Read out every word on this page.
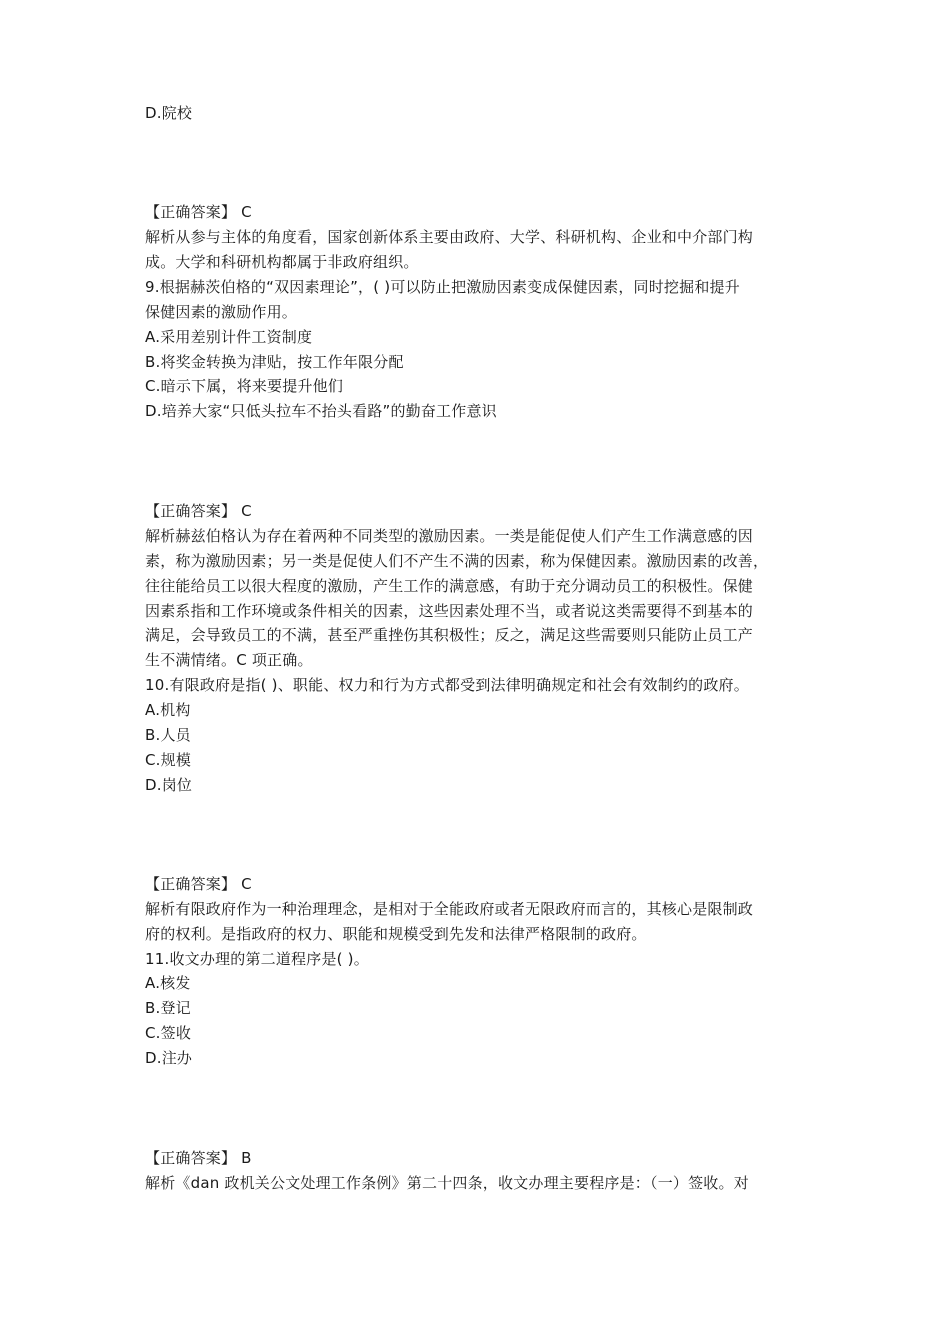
D.院校
【正确答案】 C
解析从参与主体的角度看，国家创新体系主要由政府、大学、科研机构、企业和中介部门构
成。大学和科研机构都属于非政府组织。
9.根据赫茨伯格的“双因素理论”，( )可以防止把激励因素变成保健因素，同时挖掘和提升
保健因素的激励作用。
A.采用差别计件工资制度
B.将奖金转换为津贴，按工作年限分配
C.暗示下属，将来要提升他们
D.培养大家“只低头拉车不抬头看路”的勤奋工作意识
【正确答案】 C
解析赫兹伯格认为存在着两种不同类型的激励因素。一类是能促使人们产生工作满意感的因
素，称为激励因素；另一类是促使人们不产生不满的因素，称为保健因素。激励因素的改善，
往往能给员工以很大程度的激励，产生工作的满意感，有助于充分调动员工的积极性。保健
因素系指和工作环境或条件相关的因素，这些因素处理不当，或者说这类需要得不到基本的
满足，会导致员工的不满，甚至严重挫伤其积极性；反之，满足这些需要则只能防止员工产
生不满情绪。C 项正确。
10.有限政府是指( )、职能、权力和行为方式都受到法律明确规定和社会有效制约的政府。
A.机构
B.人员
C.规模
D.岗位
【正确答案】 C
解析有限政府作为一种治理理念，是相对于全能政府或者无限政府而言的，其核心是限制政
府的权利。是指政府的权力、职能和规模受到先发和法律严格限制的政府。
11.收文办理的第二道程序是( )。
A.核发
B.登记
C.签收
D.注办
【正确答案】 B
解析《dan 政机关公文处理工作条例》第二十四条，收文办理主要程序是：（一）签收。对
